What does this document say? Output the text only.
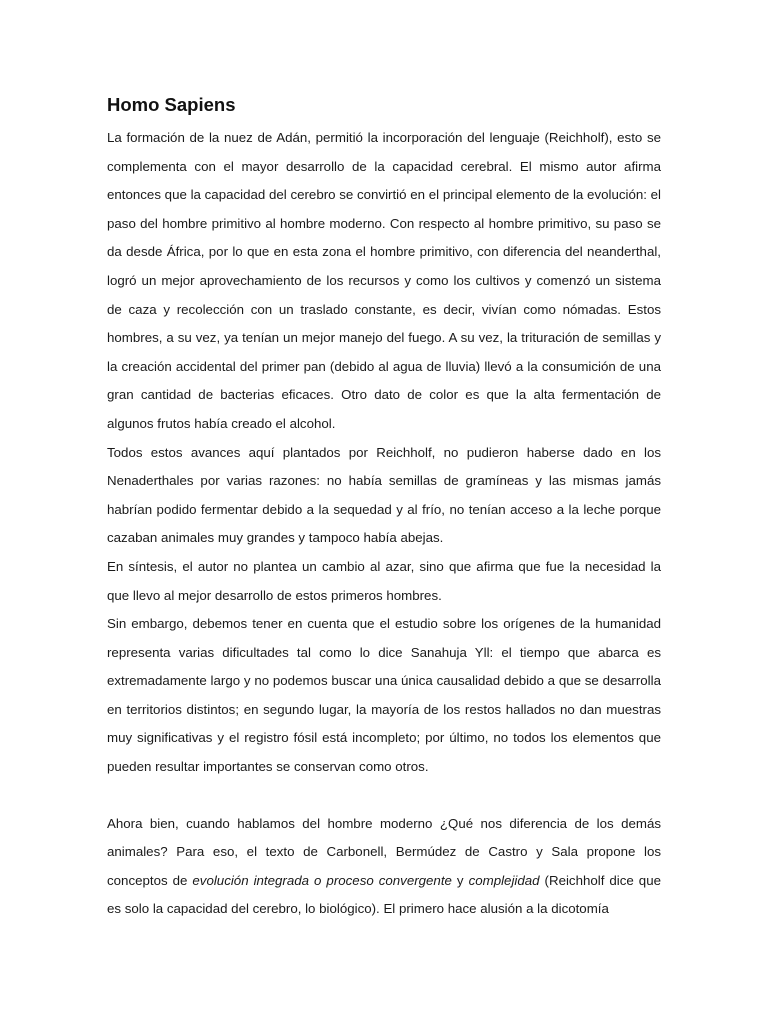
Homo Sapiens

La formación de la nuez de Adán, permitió la incorporación del lenguaje (Reichholf), esto se complementa con el mayor desarrollo de la capacidad cerebral. El mismo autor afirma entonces que la capacidad del cerebro se convirtió en el principal elemento de la evolución: el paso del hombre primitivo al hombre moderno. Con respecto al hombre primitivo, su paso se da desde África, por lo que en esta zona el hombre primitivo, con diferencia del neanderthal, logró un mejor aprovechamiento de los recursos y como los cultivos y comenzó un sistema de caza y recolección con un traslado constante, es decir, vivían como nómadas. Estos hombres, a su vez, ya tenían un mejor manejo del fuego. A su vez, la trituración de semillas y la creación accidental del primer pan (debido al agua de lluvia) llevó a la consumición de una gran cantidad de bacterias eficaces. Otro dato de color es que la alta fermentación de algunos frutos había creado el alcohol.

Todos estos avances aquí plantados por Reichholf, no pudieron haberse dado en los Nenaderthales por varias razones: no había semillas de gramíneas y las mismas jamás habrían podido fermentar debido a la sequedad y al frío, no tenían acceso a la leche porque cazaban animales muy grandes y tampoco había abejas.

En síntesis, el autor no plantea un cambio al azar, sino que afirma que fue la necesidad la que llevo al mejor desarrollo de estos primeros hombres.

Sin embargo, debemos tener en cuenta que el estudio sobre los orígenes de la humanidad representa varias dificultades tal como lo dice Sanahuja Yll: el tiempo que abarca es extremadamente largo y no podemos buscar una única causalidad debido a que se desarrolla en territorios distintos; en segundo lugar, la mayoría de los restos hallados no dan muestras muy significativas y el registro fósil está incompleto; por último, no todos los elementos que pueden resultar importantes se conservan como otros.

Ahora bien, cuando hablamos del hombre moderno ¿Qué nos diferencia de los demás animales? Para eso, el texto de Carbonell, Bermúdez de Castro y Sala propone los conceptos de evolución integrada o proceso convergente y complejidad (Reichholf dice que es solo la capacidad del cerebro, lo biológico). El primero hace alusión a la dicotomía
